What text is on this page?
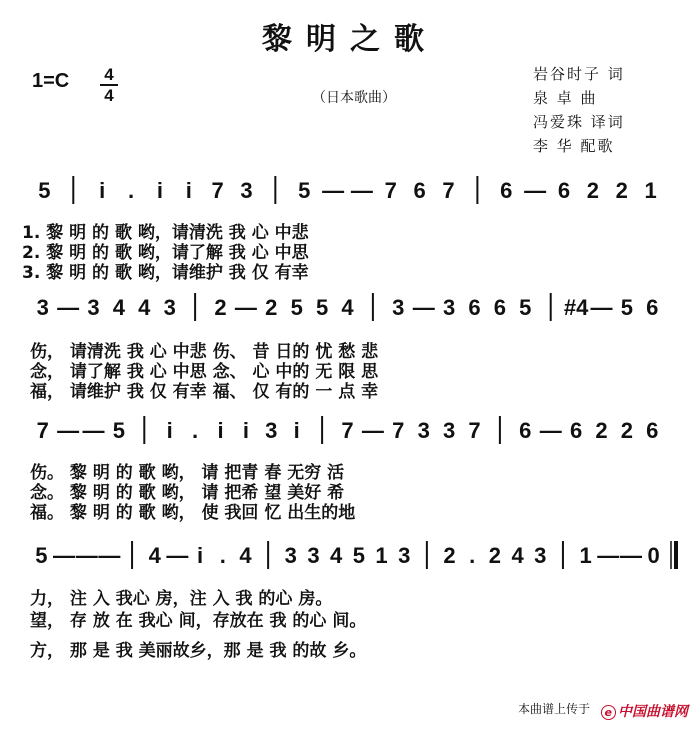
黎明之歌
1=C 4
4	（日本歌曲）
岩谷时子 词
泉 卓 曲
冯爱珠 译词
李 华 配歌
5 i . i i 7 3 5 — — 7 6 7 6 — 6 2 2 1
3 — 3 4 4 3 2 — 2 5 5 4 3 — 3 6 6 5 #4 — 5 6
7 — — 5 i . i i 3 i 7 — 7 3 3 7 6 — 6 2 2 6
5 — — — 4 — i . 4 3 3 4 5 1 3 2 . 2 4 3 1 — — 0
1. 黎 明 的 歌 哟，请清洗 我 心 中悲
2. 黎 明 的 歌 哟，请了解 我 心 中思
3. 黎 明 的 歌 哟，请维护 我 仅 有幸
伤， 请清洗 我 心 中悲 伤、 昔 日的 忧 愁 悲
念， 请了解 我 心 中思 念、 心 中的 无 限 思
福， 请维护 我 仅 有幸 福、 仅 有的 一 点 幸
伤。 黎 明 的 歌 哟， 请 把青 春 无穷 活
念。 黎 明 的 歌 哟， 请 把希 望 美好 希
福。 黎 明 的 歌 哟， 使 我回 忆 出生的地
力， 注 入 我心 房，注 入 我 的心 房。
望， 存 放 在 我心 间，存放在 我 的心 间。
方， 那 是 我 美丽故乡，那 是 我 的故 乡。
本曲谱上传于	e 中国曲谱网
